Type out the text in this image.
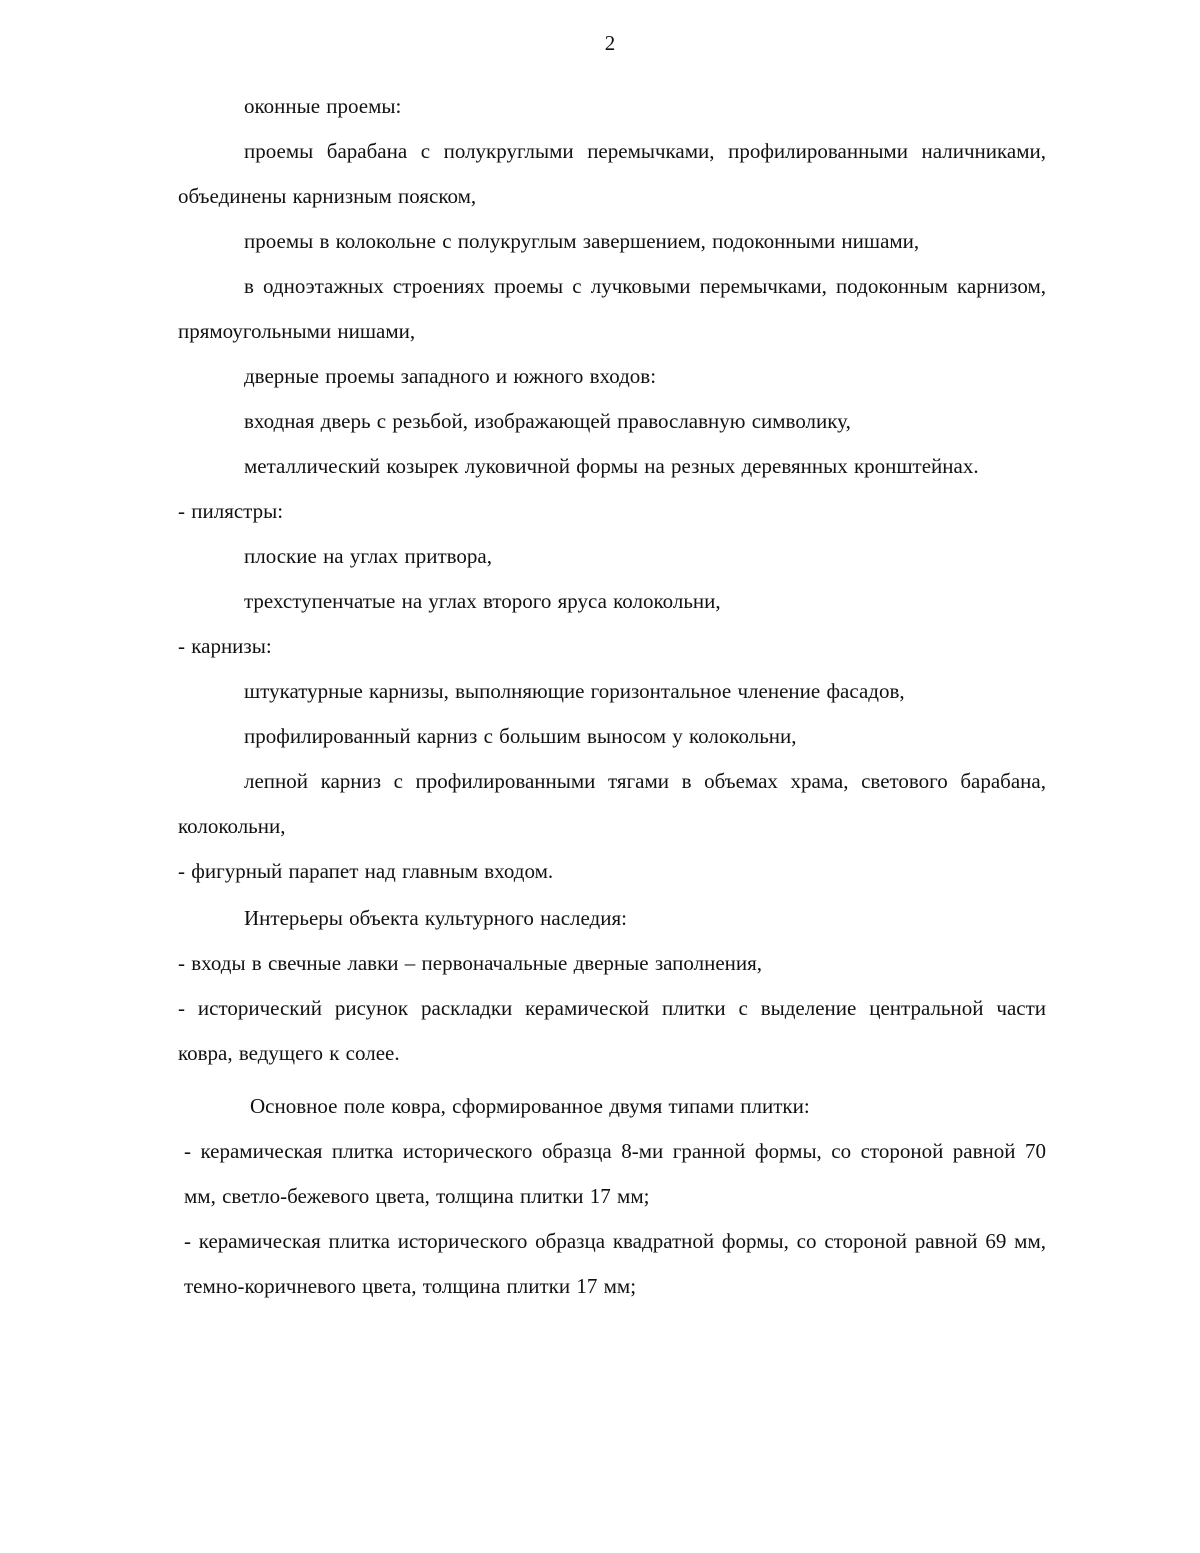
2

оконные проемы:

проемы барабана с полукруглыми перемычками, профилированными наличниками, объединены карнизным пояском,

проемы в колокольне с полукруглым завершением, подоконными нишами,

в одноэтажных строениях проемы с лучковыми перемычками, подоконным карнизом, прямоугольными нишами,

дверные проемы западного и южного входов:

входная дверь с резьбой, изображающей православную символику,

металлический козырек луковичной формы на резных деревянных кронштейнах.

- пилястры:

плоские на углах притвора,

трехступенчатые на углах второго яруса колокольни,

- карнизы:

штукатурные карнизы, выполняющие горизонтальное членение фасадов,

профилированный карниз с большим выносом у колокольни,

лепной карниз с профилированными тягами в объемах храма, светового барабана, колокольни,

- фигурный парапет над главным входом.

Интерьеры объекта культурного наследия:

- входы в свечные лавки – первоначальные дверные заполнения,

- исторический рисунок раскладки керамической плитки с выделение центральной части ковра, ведущего к солее.

Основное поле ковра, сформированное двумя типами плитки:

- керамическая плитка исторического образца 8-ми гранной формы, со стороной равной 70 мм, светло-бежевого цвета, толщина плитки 17 мм;

- керамическая плитка исторического образца квадратной формы, со стороной равной 69 мм, темно-коричневого цвета, толщина плитки 17 мм;
